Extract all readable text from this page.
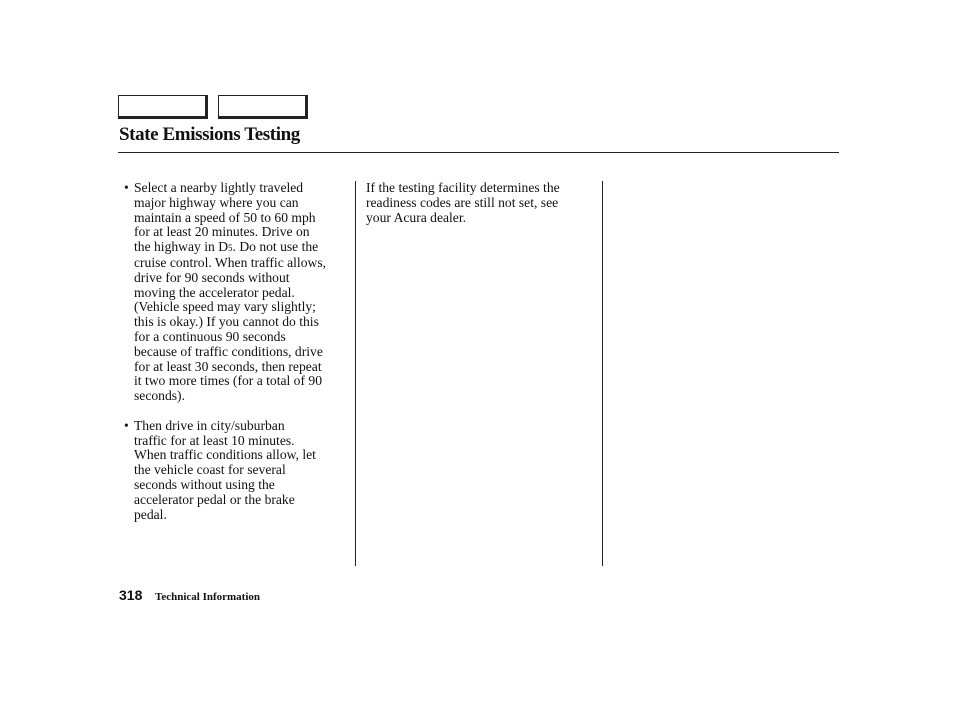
State Emissions Testing
• Select a nearby lightly traveled
major highway where you can
maintain a speed of 50 to 60 mph
for at least 20 minutes. Drive on
the highway in D5. Do not use the
cruise control. When traffic allows,
drive for 90 seconds without
moving the accelerator pedal.
(Vehicle speed may vary slightly;
this is okay.) If you cannot do this
for a continuous 90 seconds
because of traffic conditions, drive
for at least 30 seconds, then repeat
it two more times (for a total of 90
seconds).

• Then drive in city/suburban
traffic for at least 10 minutes.
When traffic conditions allow, let
the vehicle coast for several
seconds without using the
accelerator pedal or the brake
pedal.

If the testing facility determines the
readiness codes are still not set, see
your Acura dealer.

318 Technical Information
